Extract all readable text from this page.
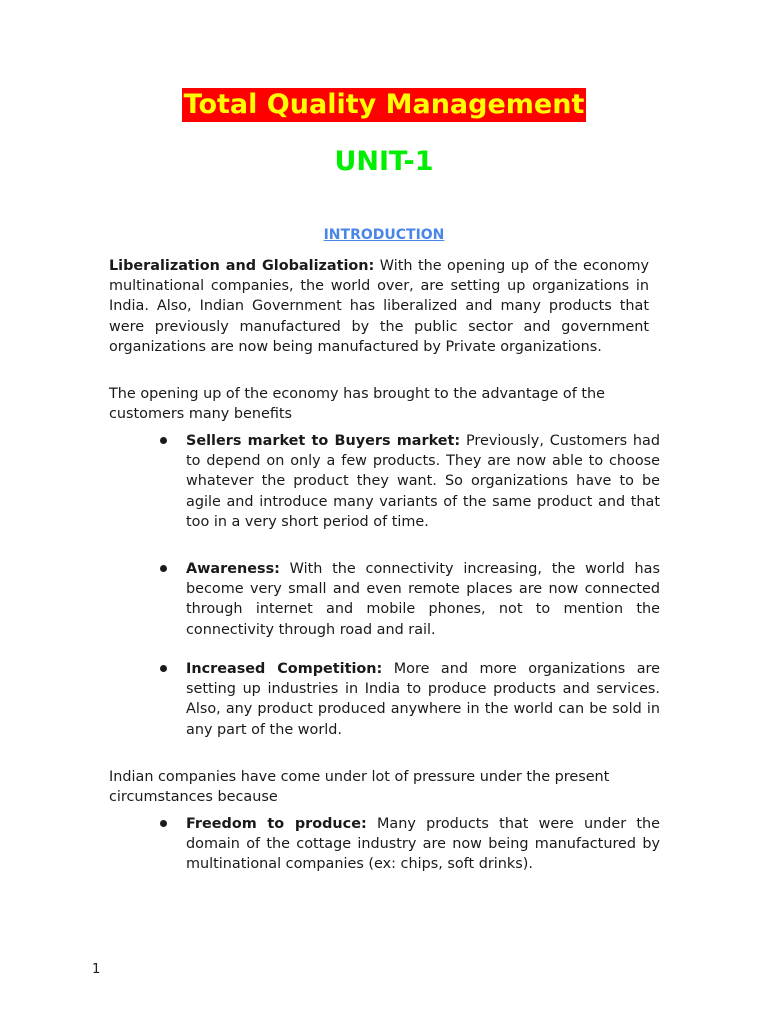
Total Quality Management
UNIT-1
INTRODUCTION

Liberalization and Globalization: With the opening up of the economy multinational companies, the world over, are setting up organizations in India. Also, Indian Government has liberalized and many products that were previously manufactured by the public sector and government organizations are now being manufactured by Private organizations.

The opening up of the economy has brought to the advantage of the customers many benefits

Sellers market to Buyers market: Previously, Customers had to depend on only a few products. They are now able to choose whatever the product they want. So organizations have to be agile and introduce many variants of the same product and that too in a very short period of time.

Awareness: With the connectivity increasing, the world has become very small and even remote places are now connected through internet and mobile phones, not to mention the connectivity through road and rail.

Increased Competition: More and more organizations are setting up industries in India to produce products and services. Also, any product produced anywhere in the world can be sold in any part of the world.

Indian companies have come under lot of pressure under the present circumstances because

Freedom to produce: Many products that were under the domain of the cottage industry are now being manufactured by multinational companies (ex: chips, soft drinks).

1
